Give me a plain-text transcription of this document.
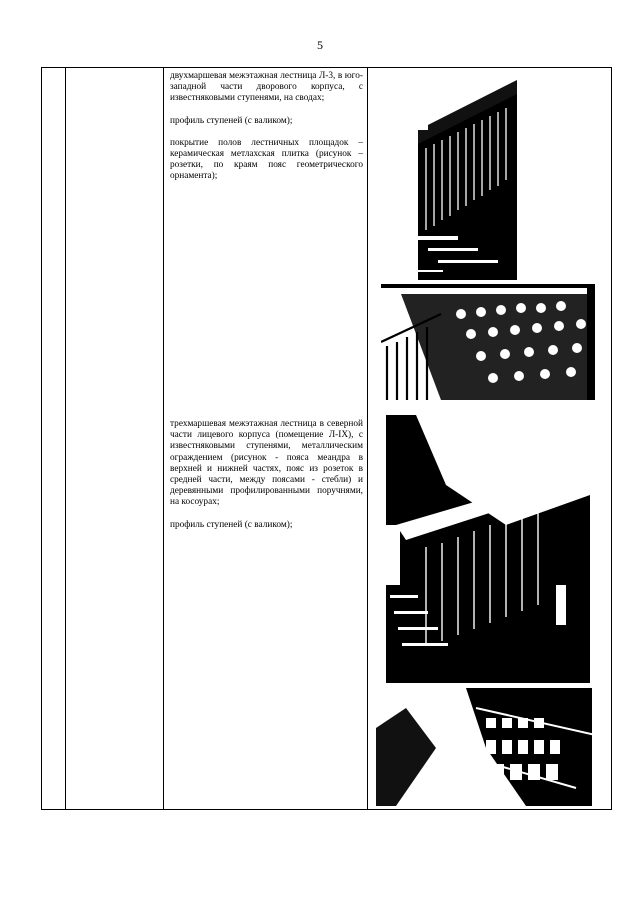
5

двухмаршевая межэтажная лестница Л-3, в юго-западной части дворового корпуса, с известняковыми ступенями, на сводах;

профиль ступеней (с валиком);

покрытие полов лестничных площадок – керамическая метлахская плитка (рисунок – розетки, по краям пояс геометрического орнамента);

трехмаршевая межэтажная лестница в северной части лицевого корпуса (помещение Л-IX), с известняковыми ступенями, металлическим ограждением (рисунок - пояса меандра в верхней и нижней частях, пояс из розеток в средней части, между поясами - стебли) и деревянными профилированными поручнями, на косоурах;

профиль ступеней (с валиком);
